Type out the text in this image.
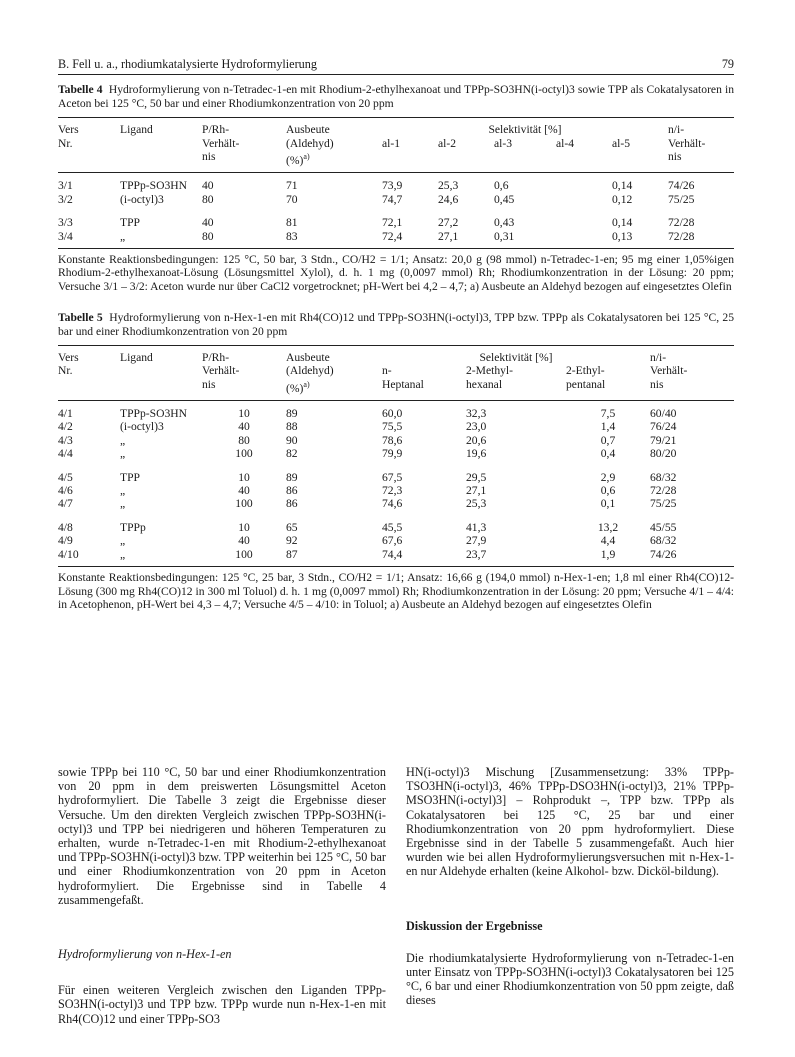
B. Fell u. a., rhodiumkatalysierte Hydroformylierung	79
Tabelle 4 Hydroformylierung von n-Tetradec-1-en mit Rhodium-2-ethylhexanoat und TPPp-SO3HN(i-octyl)3 sowie TPP als Cokatalysatoren in Aceton bei 125 °C, 50 bar und einer Rhodiumkonzentration von 20 ppm
Vers	Ligand	P/Rh-	Ausbeute	Selektivität [%]					n/i-
Nr.		Verhält-	(Aldehyd)	al-1	al-2	al-3	al-4	al-5	Verhält-
		nis	(%)$^{a)}$						nis
3/1	TPPp-SO3HN	40	71	73,9	25,3	0,6		0,14	74/26
3/2	(i-octyl)3	80	70	74,7	24,6	0,45		0,12	75/25
3/3	TPP	40	81	72,1	27,2	0,43		0,14	72/28
3/4	„	80	83	72,4	27,1	0,31		0,13	72/28
Konstante Reaktionsbedingungen: 125 °C, 50 bar, 3 Stdn., CO/H2 = 1/1; Ansatz: 20,0 g (98 mmol) n-Tetradec-1-en; 95 mg einer 1,05%igen Rhodium-2-ethylhexanoat-Lösung (Lösungsmittel Xylol), d. h. 1 mg (0,0097 mmol) Rh; Rhodiumkonzentration in der Lösung: 20 ppm; Versuche 3/1 – 3/2: Aceton wurde nur über CaCl2 vorgetrocknet; pH-Wert bei 4,2 – 4,7; a) Ausbeute an Aldehyd bezogen auf eingesetztes Olefin
Tabelle 5 Hydroformylierung von n-Hex-1-en mit Rh4(CO)12 und TPPp-SO3HN(i-octyl)3, TPP bzw. TPPp als Cokatalysatoren bei 125 °C, 25 bar und einer Rhodiumkonzentration von 20 ppm
Vers	Ligand	P/Rh-	Ausbeute	Selektivität [%]			n/i-
Nr.		Verhält-	(Aldehyd)	n-	2-Methyl-	2-Ethyl-	Verhält-
		nis	(%)$^{a)}$	Heptanal	hexanal	pentanal	nis
4/1	TPPp-SO3HN	10	89	60,0	32,3	7,5	60/40
4/2	(i-octyl)3	40	88	75,5	23,0	1,4	76/24
4/3	„	80	90	78,6	20,6	0,7	79/21
4/4	„	100	82	79,9	19,6	0,4	80/20
4/5	TPP	10	89	67,5	29,5	2,9	68/32
4/6	„	40	86	72,3	27,1	0,6	72/28
4/7	„	100	86	74,6	25,3	0,1	75/25
4/8	TPPp	10	65	45,5	41,3	13,2	45/55
4/9	„	40	92	67,6	27,9	4,4	68/32
4/10	„	100	87	74,4	23,7	1,9	74/26
Konstante Reaktionsbedingungen: 125 °C, 25 bar, 3 Stdn., CO/H2 = 1/1; Ansatz: 16,66 g (194,0 mmol) n-Hex-1-en; 1,8 ml einer Rh4(CO)12-Lösung (300 mg Rh4(CO)12 in 300 ml Toluol) d. h. 1 mg (0,0097 mmol) Rh; Rhodiumkonzentration in der Lösung: 20 ppm; Versuche 4/1 – 4/4: in Acetophenon, pH-Wert bei 4,3 – 4,7; Versuche 4/5 – 4/10: in Toluol; a) Ausbeute an Aldehyd bezogen auf eingesetztes Olefin

sowie TPPp bei 110 °C, 50 bar und einer Rhodiumkonzentration von 20 ppm in dem preiswerten Lösungsmittel Aceton hydroformyliert. Die Tabelle 3 zeigt die Ergebnisse dieser Versuche. Um den direkten Vergleich zwischen TPPp-SO3HN(i-octyl)3 und TPP bei niedrigeren und höheren Temperaturen zu erhalten, wurde n-Tetradec-1-en mit Rhodium-2-ethylhexanoat und TPPp-SO3HN(i-octyl)3 bzw. TPP weiterhin bei 125 °C, 50 bar und einer Rhodiumkonzentration von 20 ppm in Aceton hydroformyliert. Die Ergebnisse sind in Tabelle 4 zusammengefaßt.

Hydroformylierung von n-Hex-1-en

Für einen weiteren Vergleich zwischen den Liganden TPPp-SO3HN(i-octyl)3 und TPP bzw. TPPp wurde nun n-Hex-1-en mit Rh4(CO)12 und einer TPPp-SO3

HN(i-octyl)3 Mischung [Zusammensetzung: 33% TPPp-TSO3HN(i-octyl)3, 46% TPPp-DSO3HN(i-octyl)3, 21% TPPp-MSO3HN(i-octyl)3] – Rohprodukt –, TPP bzw. TPPp als Cokatalysatoren bei 125 °C, 25 bar und einer Rhodiumkonzentration von 20 ppm hydroformyliert. Diese Ergebnisse sind in der Tabelle 5 zusammengefaßt. Auch hier wurden wie bei allen Hydroformylierungsversuchen mit n-Hex-1-en nur Aldehyde erhalten (keine Alkohol- bzw. Dicköl-bildung).

Diskussion der Ergebnisse

Die rhodiumkatalysierte Hydroformylierung von n-Tetradec-1-en unter Einsatz von TPPp-SO3HN(i-octyl)3 Cokatalysatoren bei 125 °C, 6 bar und einer Rhodiumkonzentration von 50 ppm zeigte, daß dieses
